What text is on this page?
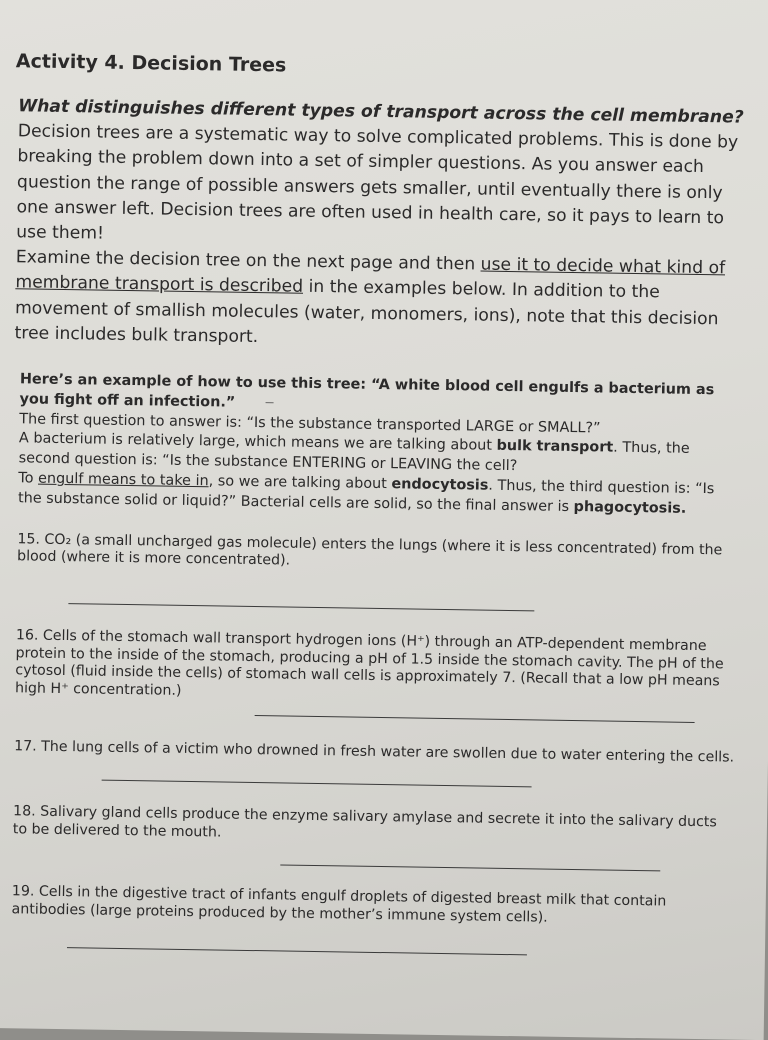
Activity 4. Decision Trees
What distinguishes different types of transport across the cell membrane?
Decision trees are a systematic way to solve complicated problems. This is done by breaking the problem down into a set of simpler questions. As you answer each question the range of possible answers gets smaller, until eventually there is only one answer left. Decision trees are often used in health care, so it pays to learn to use them!
Examine the decision tree on the next page and then use it to decide what kind of membrane transport is described in the examples below. In addition to the movement of smallish molecules (water, monomers, ions), note that this decision tree includes bulk transport.
Here’s an example of how to use this tree: “A white blood cell engulfs a bacterium as you fight off an infection.”
The first question to answer is: “Is the substance transported LARGE or SMALL?”
A bacterium is relatively large, which means we are talking about bulk transport. Thus, the second question is: “Is the substance ENTERING or LEAVING the cell?
To engulf means to take in, so we are talking about endocytosis. Thus, the third question is: “Is the substance solid or liquid?” Bacterial cells are solid, so the final answer is phagocytosis.
15. CO₂ (a small uncharged gas molecule) enters the lungs (where it is less concentrated) from the blood (where it is more concentrated).
16. Cells of the stomach wall transport hydrogen ions (H⁺) through an ATP-dependent membrane protein to the inside of the stomach, producing a pH of 1.5 inside the stomach cavity. The pH of the cytosol (fluid inside the cells) of stomach wall cells is approximately 7. (Recall that a low pH means high H⁺ concentration.)
17. The lung cells of a victim who drowned in fresh water are swollen due to water entering the cells.
18. Salivary gland cells produce the enzyme salivary amylase and secrete it into the salivary ducts to be delivered to the mouth.
19. Cells in the digestive tract of infants engulf droplets of digested breast milk that contain antibodies (large proteins produced by the mother’s immune system cells).
